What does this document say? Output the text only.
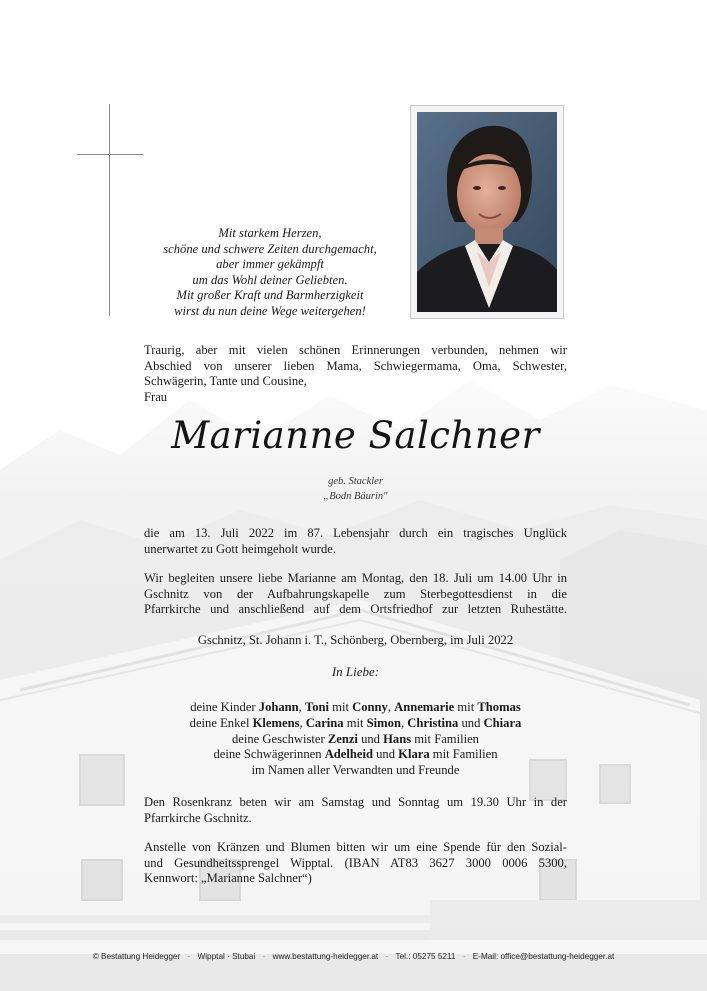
Mit starkem Herzen,
schöne und schwere Zeiten durchgemacht,
aber immer gekämpft
um das Wohl deiner Geliebten.
Mit großer Kraft und Barmherzigkeit
wirst du nun deine Wege weitergehen!
Traurig, aber mit vielen schönen Erinnerungen verbunden, nehmen wir
Abschied von unserer lieben Mama, Schwiegermama, Oma, Schwester,
Schwägerin, Tante und Cousine,
Frau
Marianne Salchner
geb. Stackler
„Bodn Bäurin"
die am 13. Juli 2022 im 87. Lebensjahr durch ein tragisches Unglück
unerwartet zu Gott heimgeholt wurde.
Wir begleiten unsere liebe Marianne am Montag, den 18. Juli um 14.00 Uhr in
Gschnitz von der Aufbahrungskapelle zum Sterbegottesdienst in die
Pfarrkirche und anschließend auf dem Ortsfriedhof zur letzten Ruhestätte.
Gschnitz, St. Johann i. T., Schönberg, Obernberg, im Juli 2022
In Liebe:
deine Kinder Johann, Toni mit Conny, Annemarie mit Thomas
deine Enkel Klemens, Carina mit Simon, Christina und Chiara
deine Geschwister Zenzi und Hans mit Familien
deine Schwägerinnen Adelheid und Klara mit Familien
im Namen aller Verwandten und Freunde
Den Rosenkranz beten wir am Samstag und Sonntag um 19.30 Uhr in der
Pfarrkirche Gschnitz.
Anstelle von Kränzen und Blumen bitten wir um eine Spende für den Sozial-
und Gesundheitssprengel Wipptal. (IBAN AT83 3627 3000 0006 5300,
Kennwort: „Marianne Salchner“)
© Bestattung Heidegger · Wipptal · Stubai · www.bestattung-heidegger.at · Tel.: 05275 5211 · E-Mail: office@bestattung-heidegger.at
